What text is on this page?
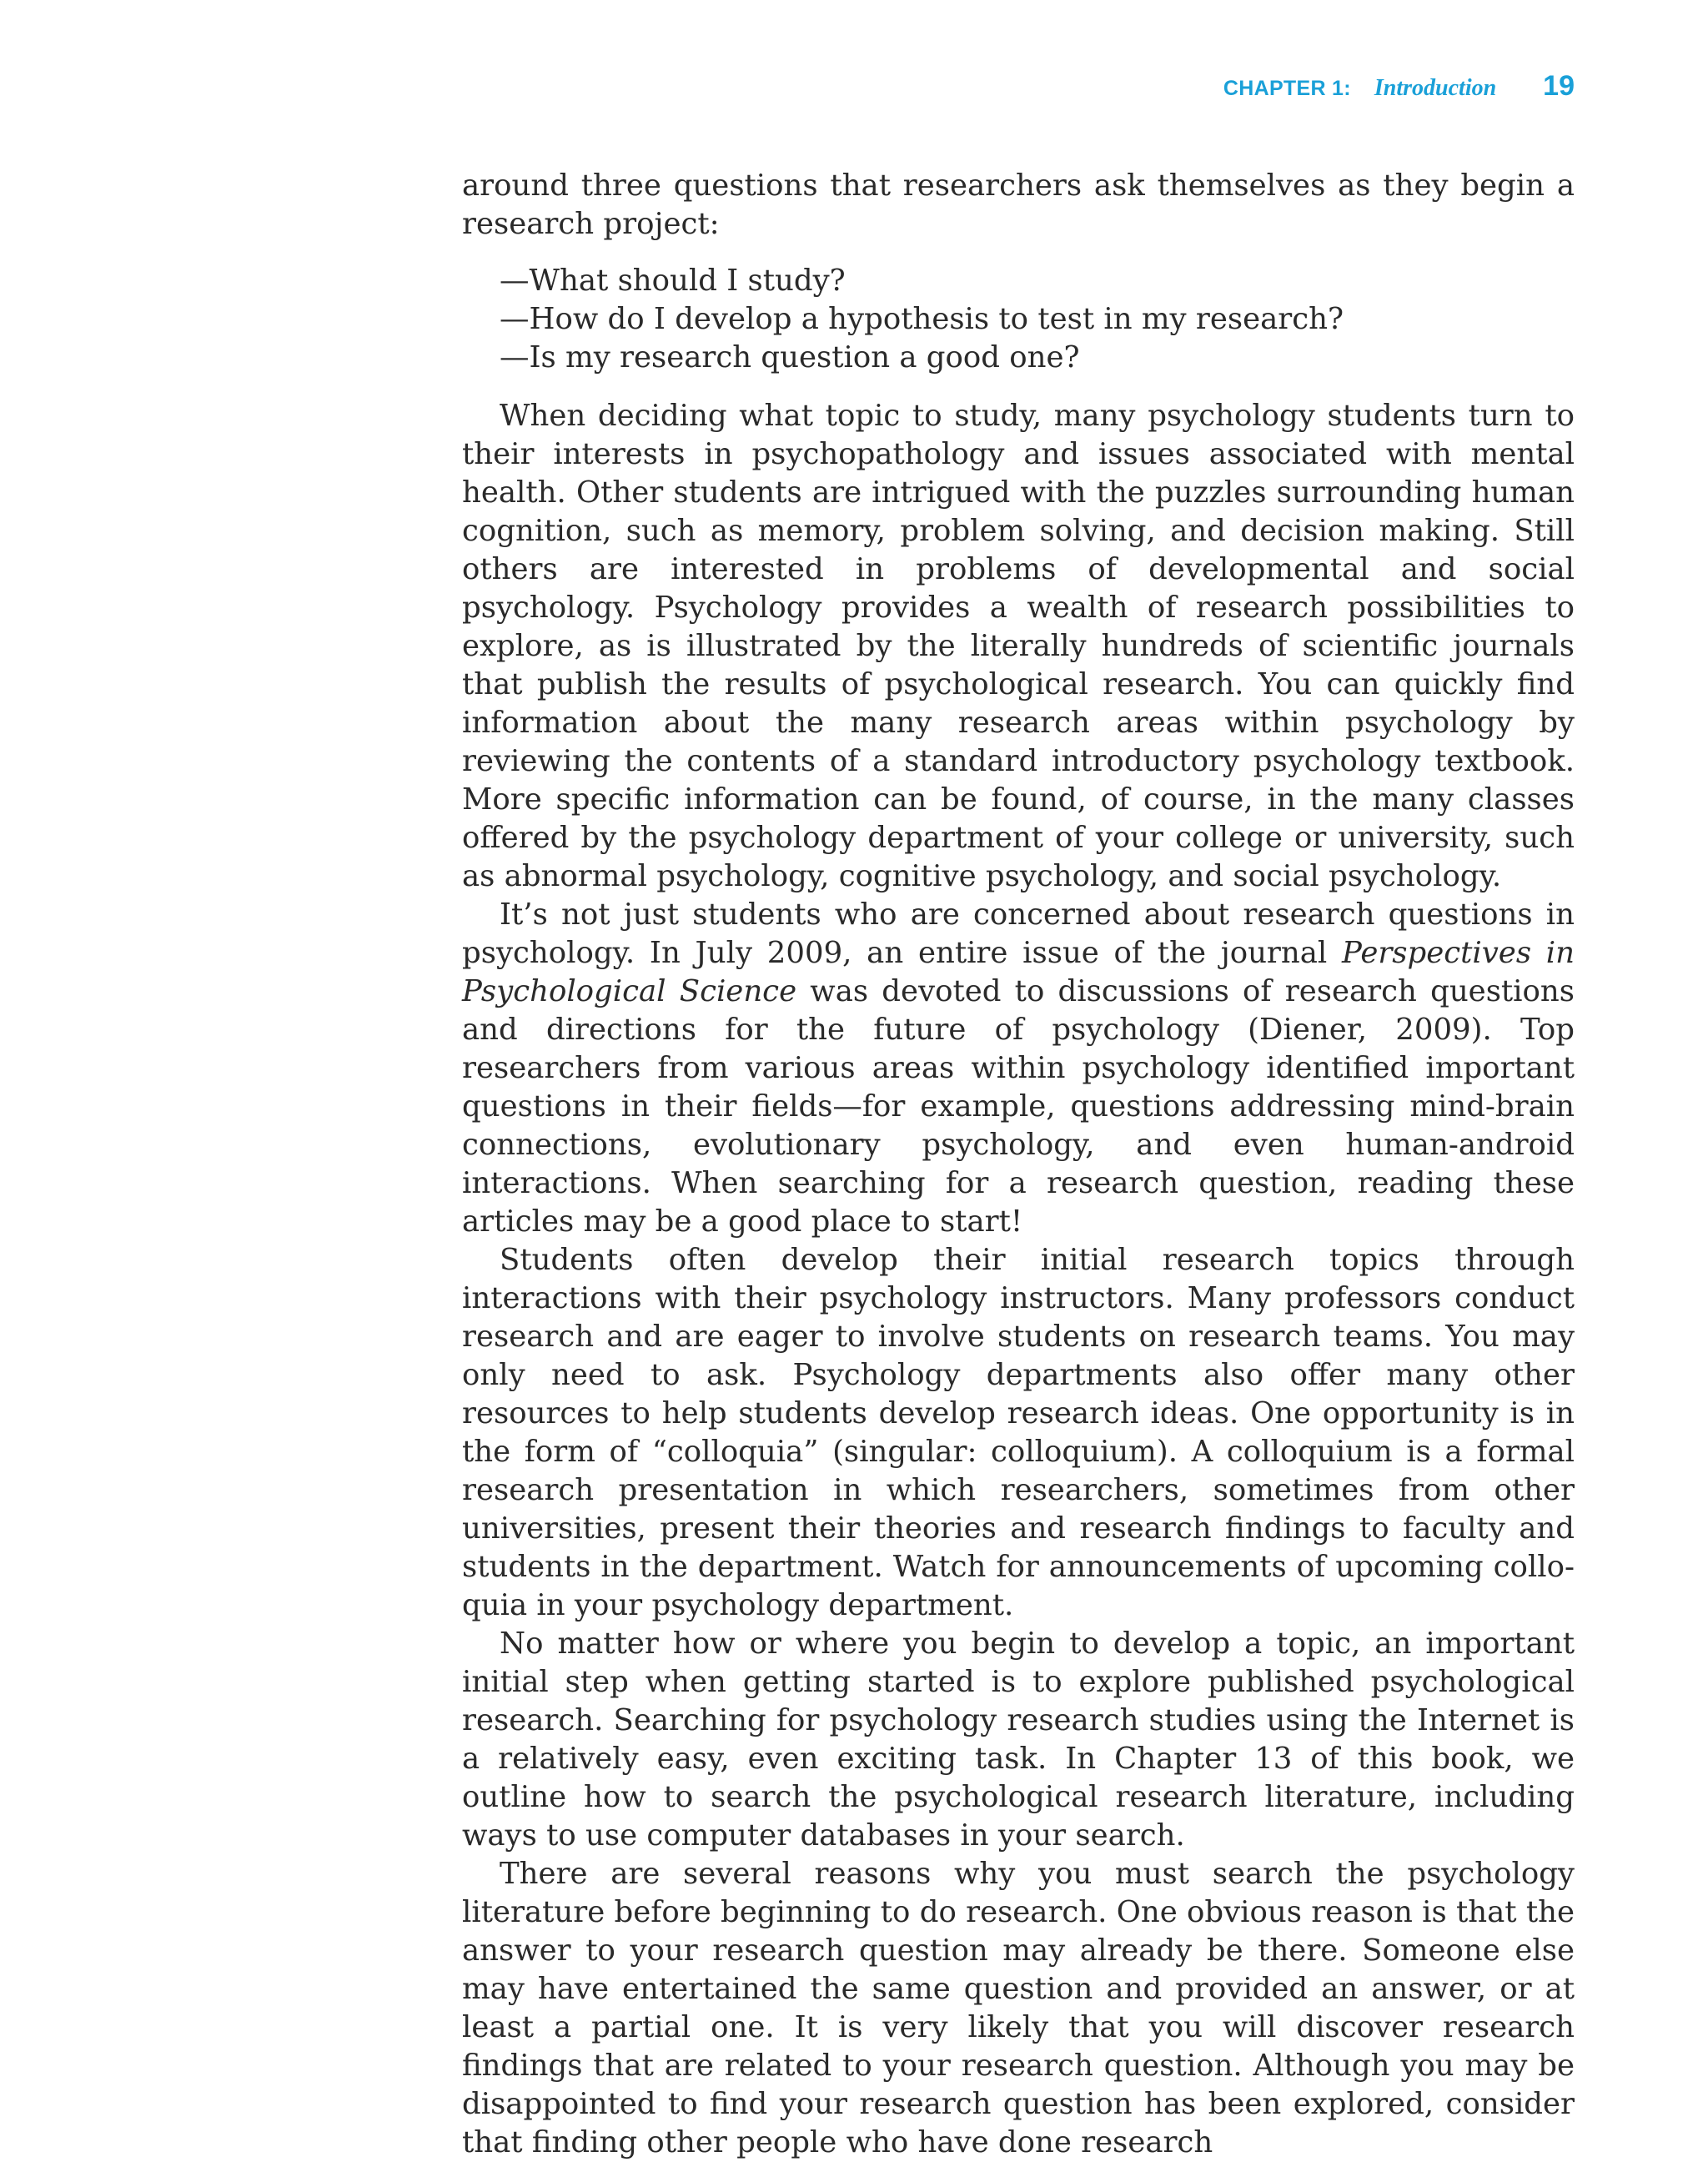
CHAPTER 1: Introduction 19

around three questions that researchers ask themselves as they begin a research project:

—What should I study?
—How do I develop a hypothesis to test in my research?
—Is my research question a good one?

When deciding what topic to study, many psychology students turn to their interests in psychopathology and issues associated with mental health. Other students are intrigued with the puzzles surrounding human cognition, such as memory, problem solving, and decision making. Still others are interested in problems of developmental and social psychology. Psychology provides a wealth of research possibilities to explore, as is illustrated by the literally hundreds of scientific journals that publish the results of psychological research. You can quickly find information about the many research areas within psychology by reviewing the contents of a standard introductory psychology textbook. More specific information can be found, of course, in the many classes offered by the psychology department of your college or university, such as abnormal psychology, cognitive psychology, and social psychology.

It’s not just students who are concerned about research questions in psychology. In July 2009, an entire issue of the journal Perspectives in Psychological Science was devoted to discussions of research questions and directions for the future of psychology (Diener, 2009). Top researchers from various areas within psychology identified important questions in their fields—for example, questions addressing mind-brain connections, evolutionary psychology, and even human-android interactions. When searching for a research question, reading these articles may be a good place to start!

Students often develop their initial research topics through interactions with their psychology instructors. Many professors conduct research and are eager to involve students on research teams. You may only need to ask. Psychology departments also offer many other resources to help students develop research ideas. One opportunity is in the form of “colloquia” (singular: colloquium). A colloquium is a formal research presentation in which researchers, sometimes from other universities, present their theories and research findings to faculty and students in the department. Watch for announcements of upcoming colloquia in your psychology department.

No matter how or where you begin to develop a topic, an important initial step when getting started is to explore published psychological research. Searching for psychology research studies using the Internet is a relatively easy, even exciting task. In Chapter 13 of this book, we outline how to search the psychological research literature, including ways to use computer databases in your search.

There are several reasons why you must search the psychology literature before beginning to do research. One obvious reason is that the answer to your research question may already be there. Someone else may have entertained the same question and provided an answer, or at least a partial one. It is very likely that you will discover research findings that are related to your research question. Although you may be disappointed to find your research question has been explored, consider that finding other people who have done research
